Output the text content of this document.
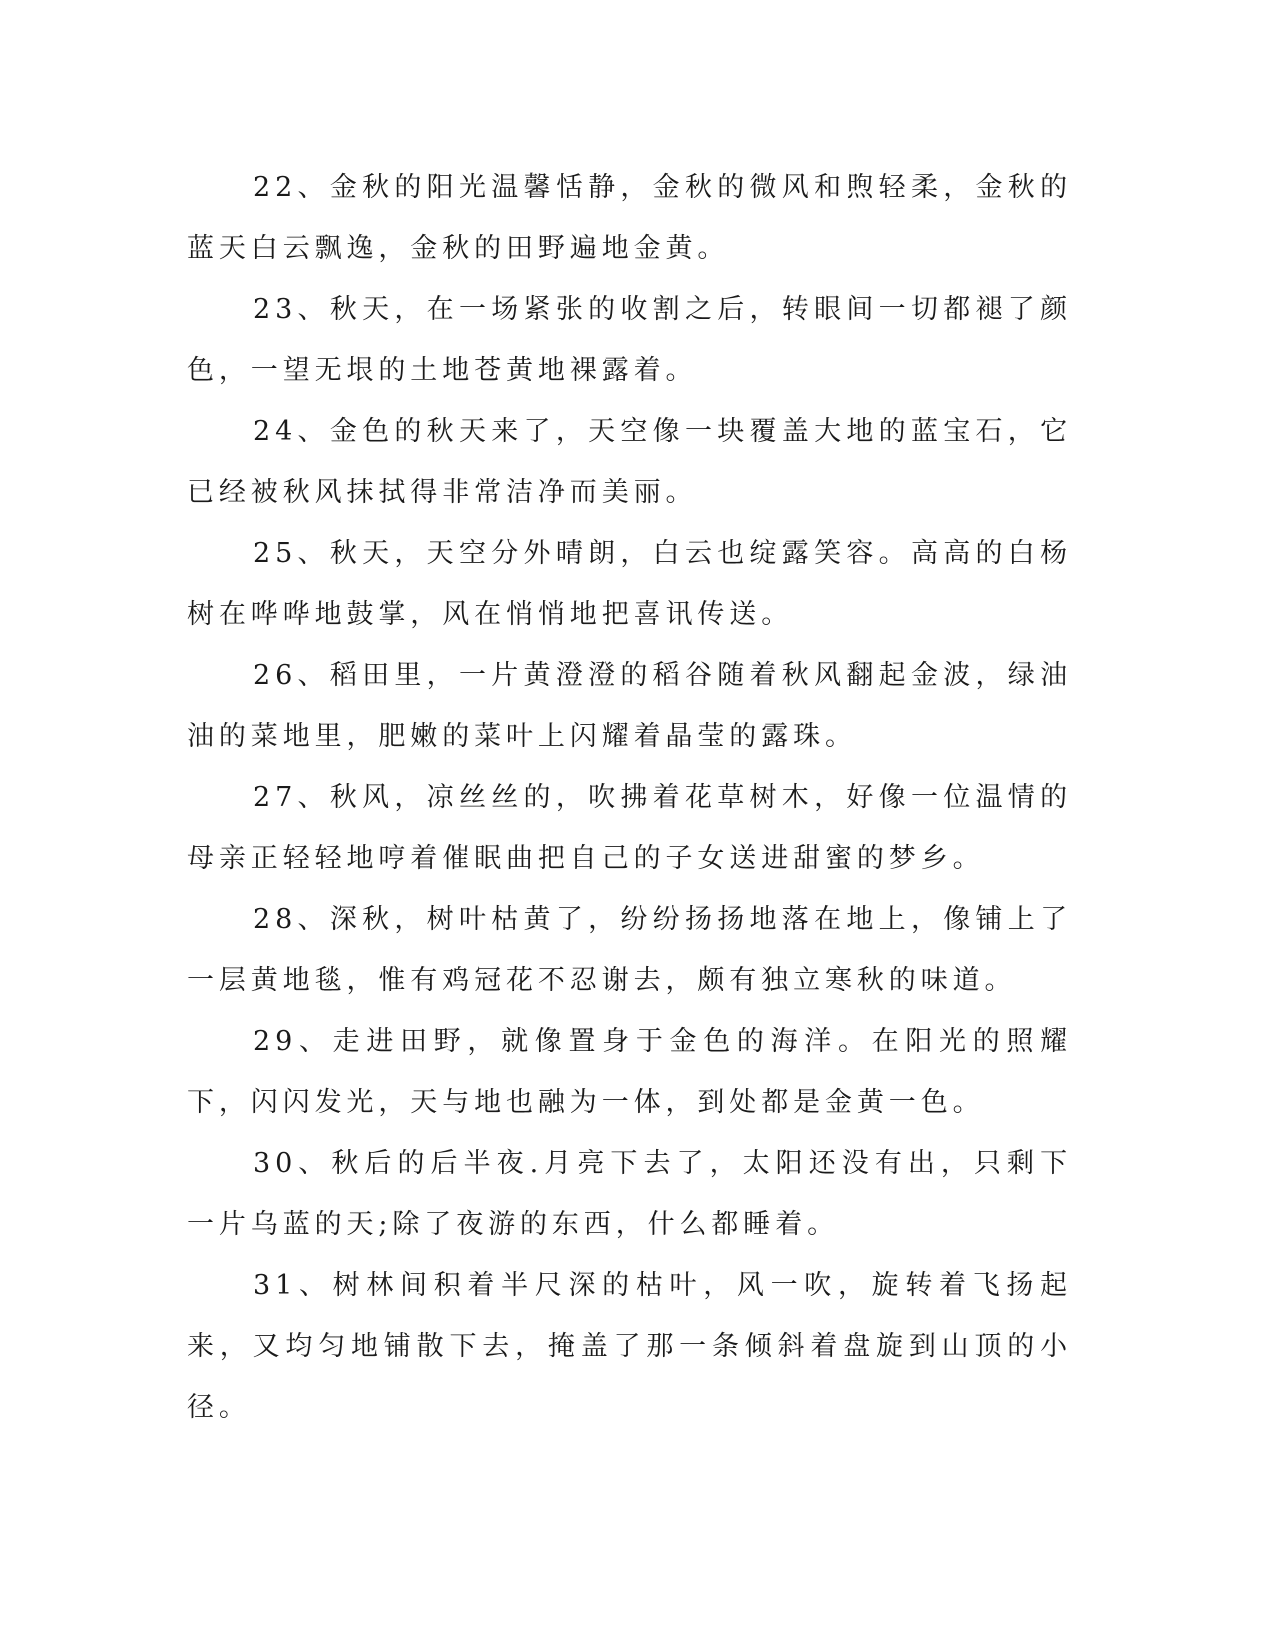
22、金秋的阳光温馨恬静，金秋的微风和煦轻柔，金秋的蓝天白云飘逸，金秋的田野遍地金黄。

23、秋天，在一场紧张的收割之后，转眼间一切都褪了颜色，一望无垠的土地苍黄地裸露着。

24、金色的秋天来了，天空像一块覆盖大地的蓝宝石，它已经被秋风抹拭得非常洁净而美丽。

25、秋天，天空分外晴朗，白云也绽露笑容。高高的白杨树在哗哗地鼓掌，风在悄悄地把喜讯传送。

26、稻田里，一片黄澄澄的稻谷随着秋风翻起金波，绿油油的菜地里，肥嫩的菜叶上闪耀着晶莹的露珠。

27、秋风，凉丝丝的，吹拂着花草树木，好像一位温情的母亲正轻轻地哼着催眠曲把自己的子女送进甜蜜的梦乡。

28、深秋，树叶枯黄了，纷纷扬扬地落在地上，像铺上了一层黄地毯，惟有鸡冠花不忍谢去，颇有独立寒秋的味道。

29、走进田野，就像置身于金色的海洋。在阳光的照耀下，闪闪发光，天与地也融为一体，到处都是金黄一色。

30、秋后的后半夜.月亮下去了，太阳还没有出，只剩下一片乌蓝的天;除了夜游的东西，什么都睡着。

31、树林间积着半尺深的枯叶，风一吹，旋转着飞扬起来，又均匀地铺散下去，掩盖了那一条倾斜着盘旋到山顶的小径。
